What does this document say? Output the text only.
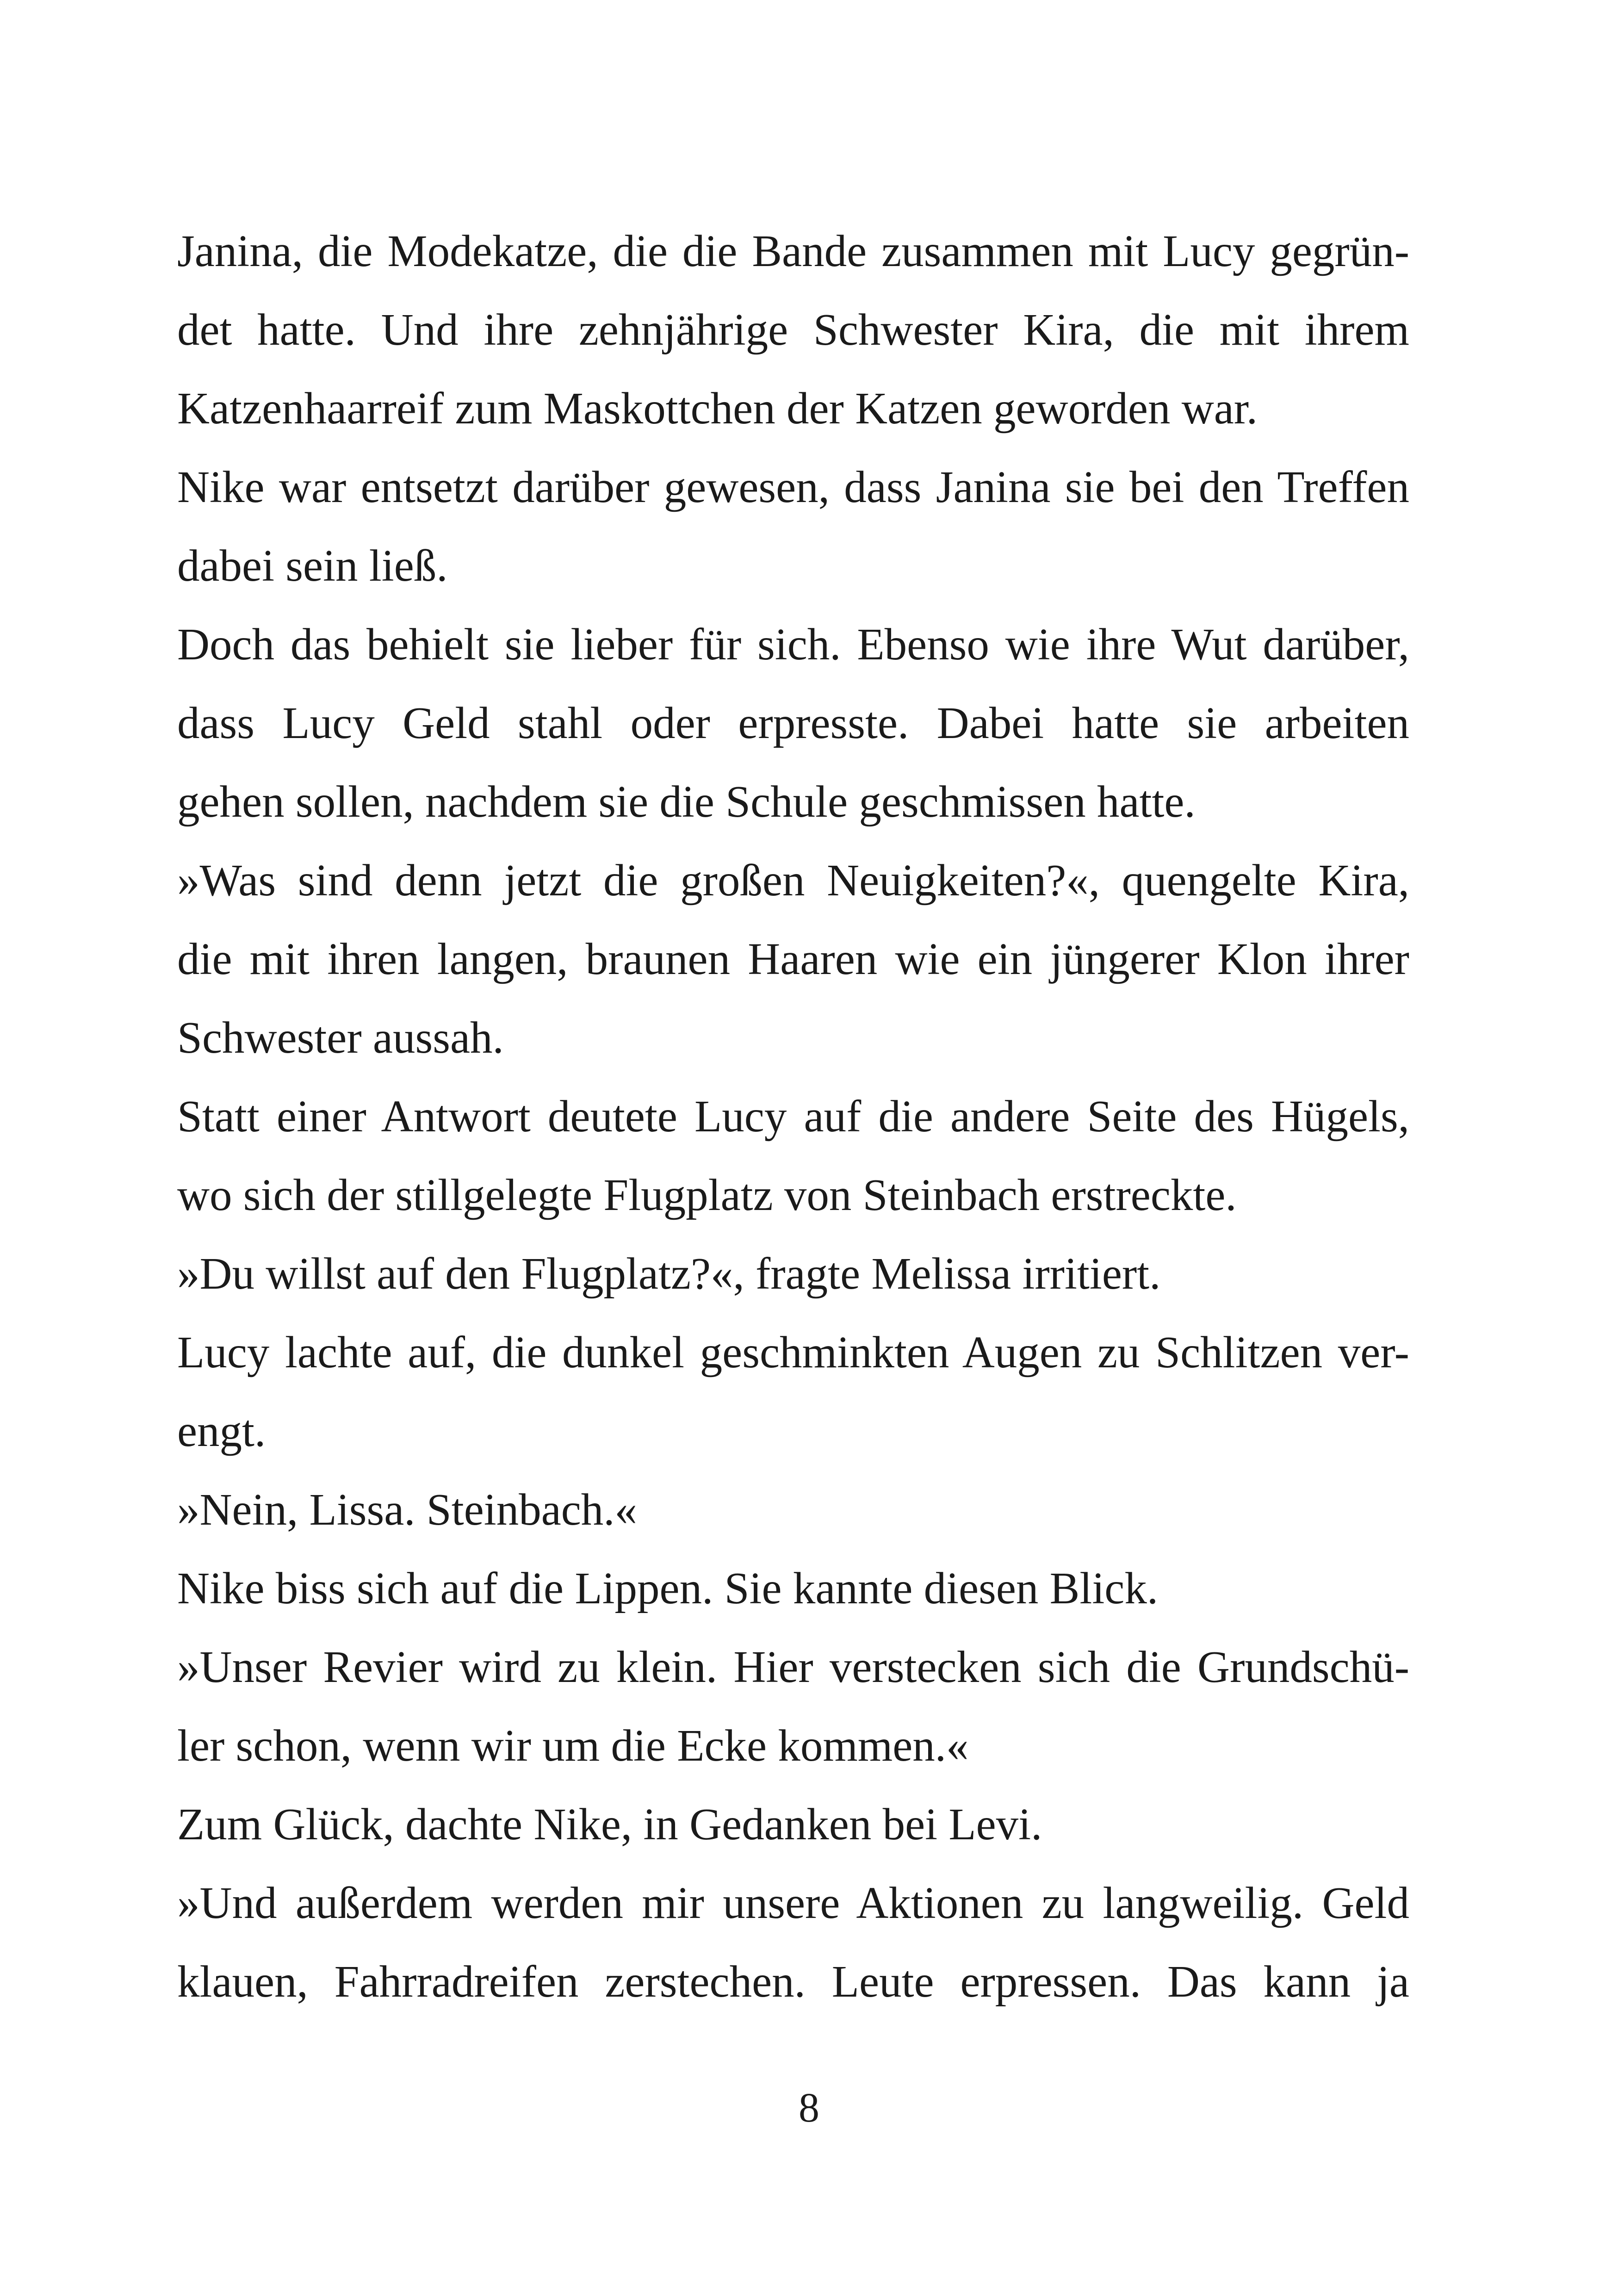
Janina, die Modekatze, die die Bande zusammen mit Lucy gegrün-
det hatte. Und ihre zehnjährige Schwester Kira, die mit ihrem
Katzenhaarreif zum Maskottchen der Katzen geworden war.
Nike war entsetzt darüber gewesen, dass Janina sie bei den Treffen
dabei sein ließ.
Doch das behielt sie lieber für sich. Ebenso wie ihre Wut darüber,
dass Lucy Geld stahl oder erpresste. Dabei hatte sie arbeiten
gehen sollen, nachdem sie die Schule geschmissen hatte.
»Was sind denn jetzt die großen Neuigkeiten?«, quengelte Kira,
die mit ihren langen, braunen Haaren wie ein jüngerer Klon ihrer
Schwester aussah.
Statt einer Antwort deutete Lucy auf die andere Seite des Hügels,
wo sich der stillgelegte Flugplatz von Steinbach erstreckte.
»Du willst auf den Flugplatz?«, fragte Melissa irritiert.
Lucy lachte auf, die dunkel geschminkten Augen zu Schlitzen ver-
engt.
»Nein, Lissa. Steinbach.«
Nike biss sich auf die Lippen. Sie kannte diesen Blick.
»Unser Revier wird zu klein. Hier verstecken sich die Grundschü-
ler schon, wenn wir um die Ecke kommen.«
Zum Glück, dachte Nike, in Gedanken bei Levi.
»Und außerdem werden mir unsere Aktionen zu langweilig. Geld
klauen, Fahrradreifen zerstechen. Leute erpressen. Das kann ja
8
